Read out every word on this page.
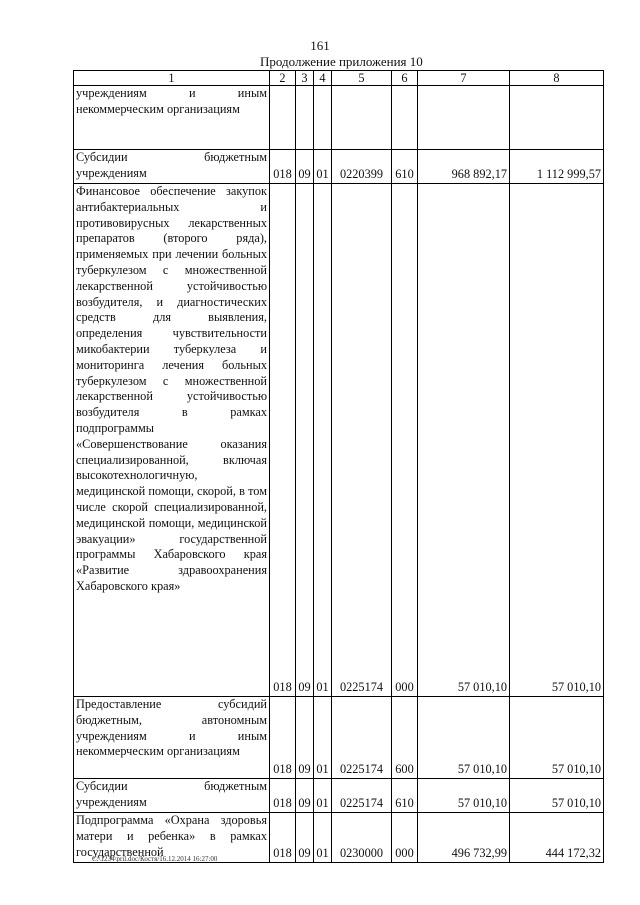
161
Продолжение приложения 10
1	2	3	4	5	6	7	8
учреждениям и иным некоммерческим организациям							
Субсидии бюджетным учреждениям	018	09	01	0220399	610	968 892,17	1 112 999,57
Финансовое обеспечение закупок антибактериальных и противовирусных лекарственных препаратов (второго ряда), применяемых при лечении больных туберкулезом с множественной лекарственной устойчивостью возбудителя, и диагностических средств для выявления, определения чувствительности микобактерии туберкулеза и мониторинга лечения больных туберкулезом с множественной лекарственной устойчивостью возбудителя в рамках подпрограммы «Совершенствование оказания специализированной, включая высокотехнологичную, медицинской помощи, скорой, в том числе скорой специализированной, медицинской помощи, медицинской эвакуации» государственной программы Хабаровского края «Развитие здравоохранения Хабаровского края»	018	09	01	0225174	000	57 010,10	57 010,10
Предоставление субсидий бюджетным, автономным учреждениям и иным некоммерческим организациям	018	09	01	0225174	600	57 010,10	57 010,10
Субсидии бюджетным учреждениям	018	09	01	0225174	610	57 010,10	57 010,10
Подпрограмма «Охрана здоровья матери и ребенка» в рамках государственной	018	09	01	0230000	000	496 732,99	444 172,32
C:\1234\pril.doc/Костя/16.12.2014 16:27:00
